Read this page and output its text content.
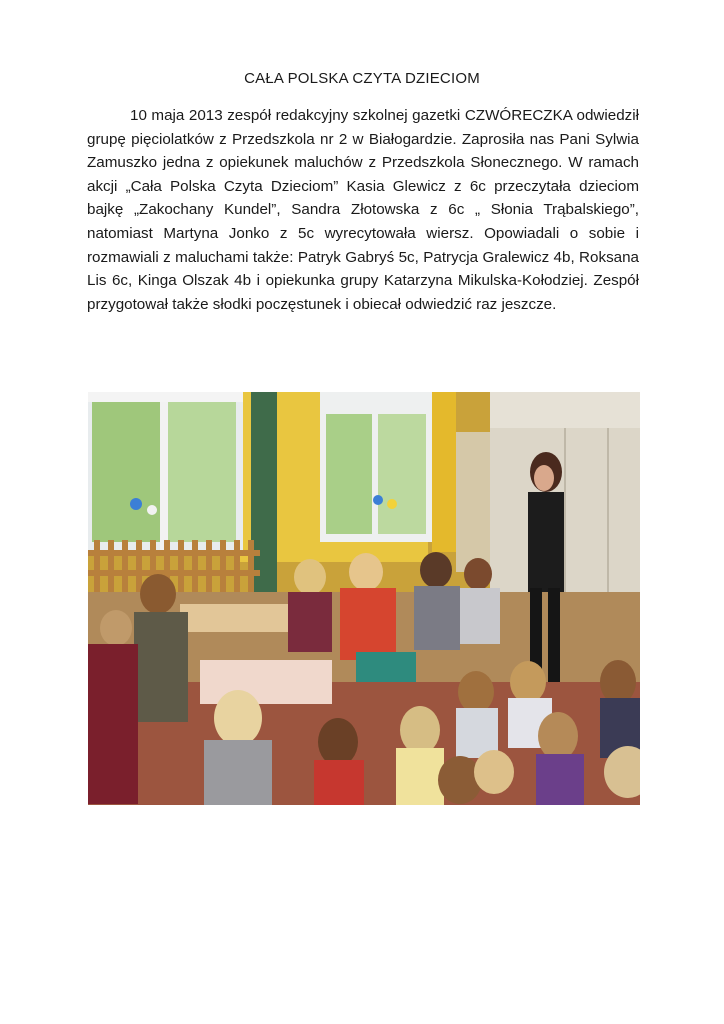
CAŁA POLSKA CZYTA DZIECIOM

10 maja 2013 zespół redakcyjny szkolnej gazetki CZWÓRECZKA odwiedził grupę pięciolatków z Przedszkola nr 2 w Białogardzie. Zaprosiła nas Pani Sylwia Zamuszko jedna z opiekunek maluchów z Przedszkola Słonecznego. W ramach akcji „Cała Polska Czyta Dzieciom” Kasia Glewicz z 6c przeczytała dzieciom bajkę „Zakochany Kundel”, Sandra Złotowska z 6c „ Słonia Trąbalskiego”, natomiast Martyna Jonko z 5c wyrecytowała wiersz. Opowiadali o sobie i rozmawiali z maluchami także: Patryk Gabryś 5c, Patrycja Gralewicz 4b, Roksana Lis 6c, Kinga Olszak 4b i opiekunka grupy Katarzyna Mikulska-Kołodziej. Zespół przygotował także słodki poczęstunek i obiecał odwiedzić raz jeszcze.
